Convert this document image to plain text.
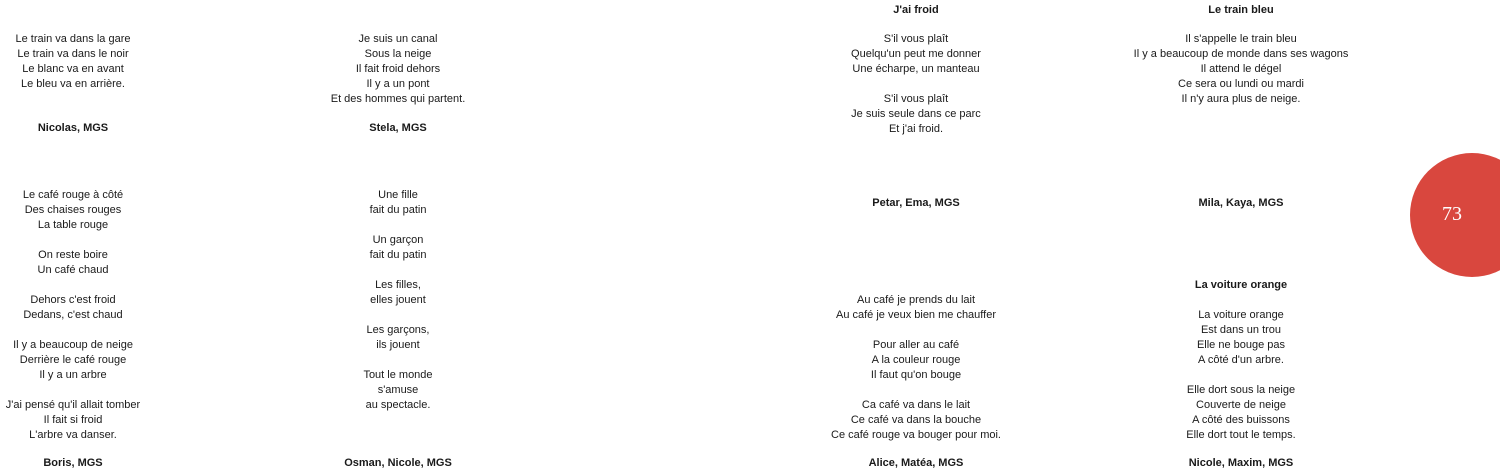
Le train va dans la gare
Le train va dans le noir
Le blanc va en avant
Le bleu va en arrière.
Nicolas, MGS
Je suis un canal
Sous la neige
Il fait froid dehors
Il y a un pont
Et des hommes qui partent.
Stela, MGS
J'ai froid
S'il vous plaît
Quelqu'un peut me donner
Une écharpe, un manteau
S'il vous plaît
Je suis seule dans ce parc
Et j'ai froid.
Petar, Ema, MGS
Le train bleu
Il s'appelle le train bleu
Il y a beaucoup de monde dans ses wagons
Il attend le dégel
Ce sera ou lundi ou mardi
Il n'y aura plus de neige.
Mila, Kaya, MGS
Le café rouge à côté
Des chaises rouges
La table rouge
On reste boire
Un café chaud
Dehors c'est froid
Dedans, c'est chaud
Il y a beaucoup de neige
Derrière le café rouge
Il y a un arbre
J'ai pensé qu'il allait tomber
Il fait si froid
L'arbre va danser.
Boris, MGS
Une fille
fait du patin
Un garçon
fait du patin
Les filles,
elles jouent
Les garçons,
ils jouent
Tout le monde
s'amuse
au spectacle.
Osman, Nicole, MGS
Au café je prends du lait
Au café je veux bien me chauffer
Pour aller au café
A la couleur rouge
Il faut qu'on bouge
Ca café va dans le lait
Ce café va dans la bouche
Ce café rouge va bouger pour moi.
Alice, Matéa, MGS
La voiture orange
La voiture orange
Est dans un trou
Elle ne bouge pas
A côté d'un arbre.
Elle dort sous la neige
Couverte de neige
A côté des buissons
Elle dort tout le temps.
Nicole, Maxim, MGS
73
